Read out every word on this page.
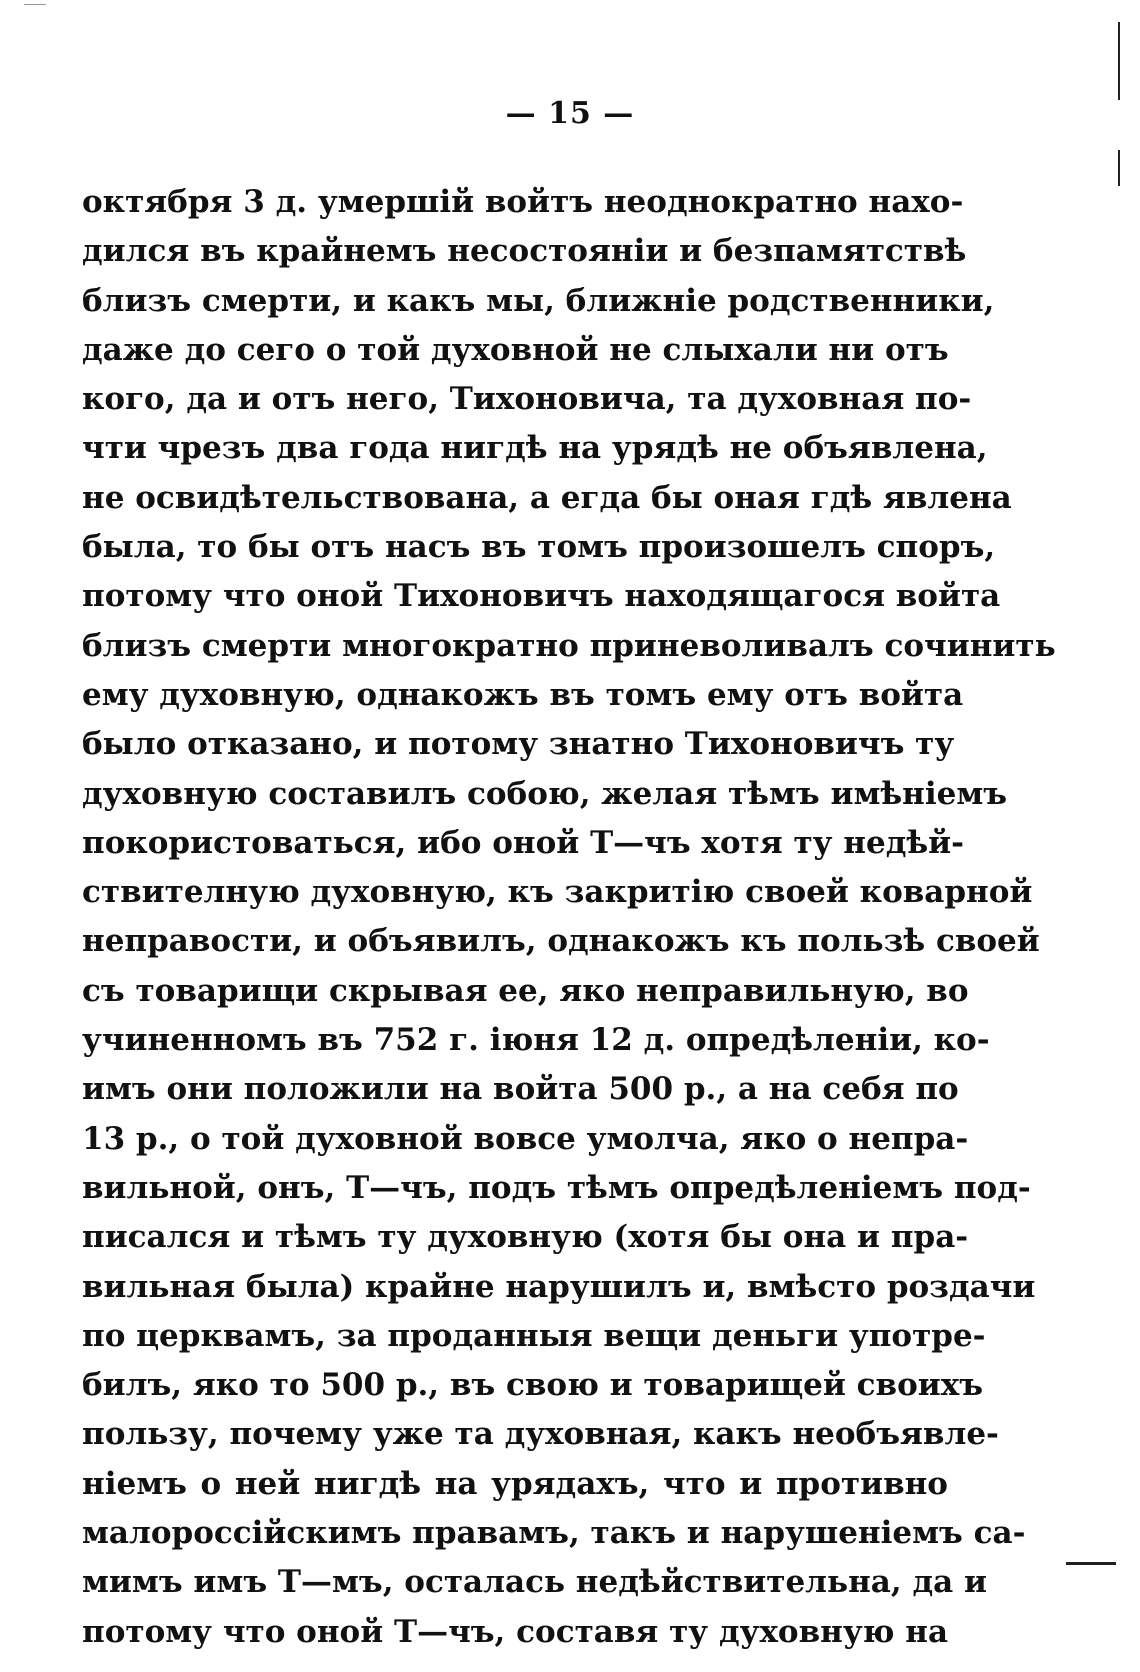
— 15 —
октября 3 д. умершій войтъ неоднократно нахо-
дился въ крайнемъ несостояніи и безпамятствѣ
близъ смерти, и какъ мы, ближніе родственники,
даже до сего о той духовной не слыхали ни отъ
кого, да и отъ него, Тихоновича, та духовная по-
чти чрезъ два года нигдѣ на урядѣ не объявлена,
не освидѣтельствована, а егда бы оная гдѣ явлена
была, то бы отъ насъ въ томъ произошелъ споръ,
потому что оной Тихоновичъ находящагося войта
близъ смерти многократно приневоливалъ сочинить
ему духовную, однакожъ въ томъ ему отъ войта
было отказано, и потому знатно Тихоновичъ ту
духовную составилъ собою, желая тѣмъ имѣніемъ
покористоваться, ибо оной Т—чъ хотя ту недѣй-
ствителную духовную, къ закритію своей коварной
неправости, и объявилъ, однакожъ къ пользѣ своей
съ товарищи скрывая ее, яко неправильную, во
учиненномъ въ 752 г. іюня 12 д. опредѣленіи, ко-
имъ они положили на войта 500 р., а на себя по
13 р., о той духовной вовсе умолча, яко о непра-
вильной, онъ, Т—чъ, подъ тѣмъ опредѣленіемъ под-
писался и тѣмъ ту духовную (хотя бы она и пра-
вильная была) крайне нарушилъ и, вмѣсто роздачи
по церквамъ, за проданныя вещи деньги употре-
билъ, яко то 500 р., въ свою и товарищей своихъ
пользу, почему уже та духовная, какъ необъявле-
ніемъ о ней нигдѣ на урядахъ, что и противно
малороссійскимъ правамъ, такъ и нарушеніемъ са-
мимъ имъ Т—мъ, осталась недѣйствительна, да и
потому что оной Т—чъ, составя ту духовную на
